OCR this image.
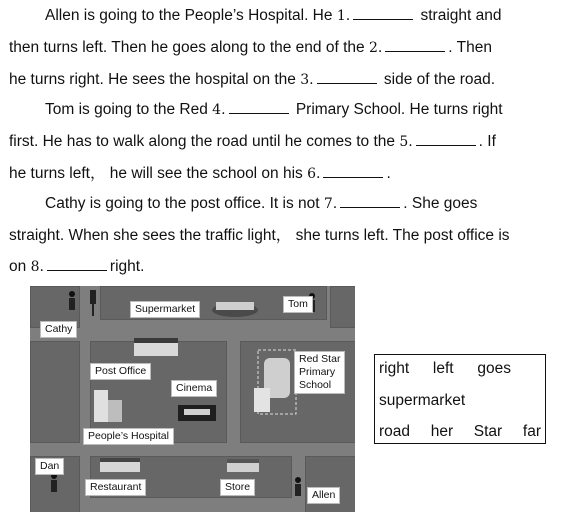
Allen is going to the People’s Hospital. He 1.	straight and

then turns left. Then he goes along to the end of the 2.	. Then

he turns right. He sees the hospital on the 3.	side of the road.

Tom is going to the Red 4.	Primary School. He turns right

first. He has to walk along the road until he comes to the 5.	. If

he turns left， he will see the school on his 6.	.

Cathy is going to the post office. It is not 7.	. She goes

straight. When she sees the traffic light， she turns left. The post office is

on 8.	right.

Supermarket	Tom
Cathy
Post Office
Cinema
Red Star
Primary
School
People’s Hospital
Dan
Restaurant	Store
Allen
right left goes
supermarket
road her Star far
